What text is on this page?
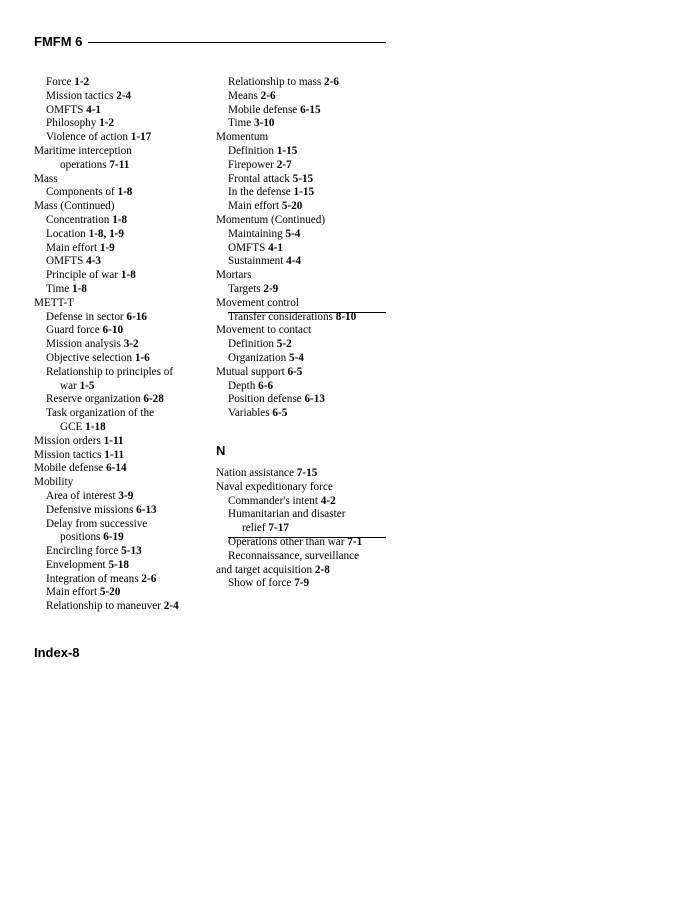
FMFM 6
Force 1-2
Mission tactics 2-4
OMFTS 4-1
Philosophy 1-2
Violence of action 1-17
Maritime interception
operations 7-11
Mass
Components of 1-8
Mass (Continued)
Concentration 1-8
Location 1-8, 1-9
Main effort 1-9
OMFTS 4-3
Principle of war 1-8
Time 1-8
METT-T
Defense in sector 6-16
Guard force 6-10
Mission analysis 3-2
Objective selection 1-6
Relationship to principles of
war 1-5
Reserve organization 6-28
Task organization of the
GCE 1-18
Mission orders 1-11
Mission tactics 1-11
Mobile defense 6-14
Mobility
Area of interest 3-9
Defensive missions 6-13
Delay from successive
positions 6-19
Encircling force 5-13
Envelopment 5-18
Integration of means 2-6
Main effort 5-20
Relationship to maneuver 2-4
Relationship to mass 2-6
Means 2-6
Mobile defense 6-15
Time 3-10
Momentum
Definition 1-15
Firepower 2-7
Frontal attack 5-15
In the defense 1-15
Main effort 5-20
Momentum (Continued)
Maintaining 5-4
OMFTS 4-1
Sustainment 4-4
Mortars
Targets 2-9
Movement control
Transfer considerations 8-10
Movement to contact
Definition 5-2
Organization 5-4
Mutual support 6-5
Depth 6-6
Position defense 6-13
Variables 6-5
N
Nation assistance 7-15
Naval expeditionary force
Commander's intent 4-2
Humanitarian and disaster
relief 7-17
Operations other than war 7-1
Reconnaissance, surveillance
and target acquisition 2-8
Show of force 7-9
Index-8
